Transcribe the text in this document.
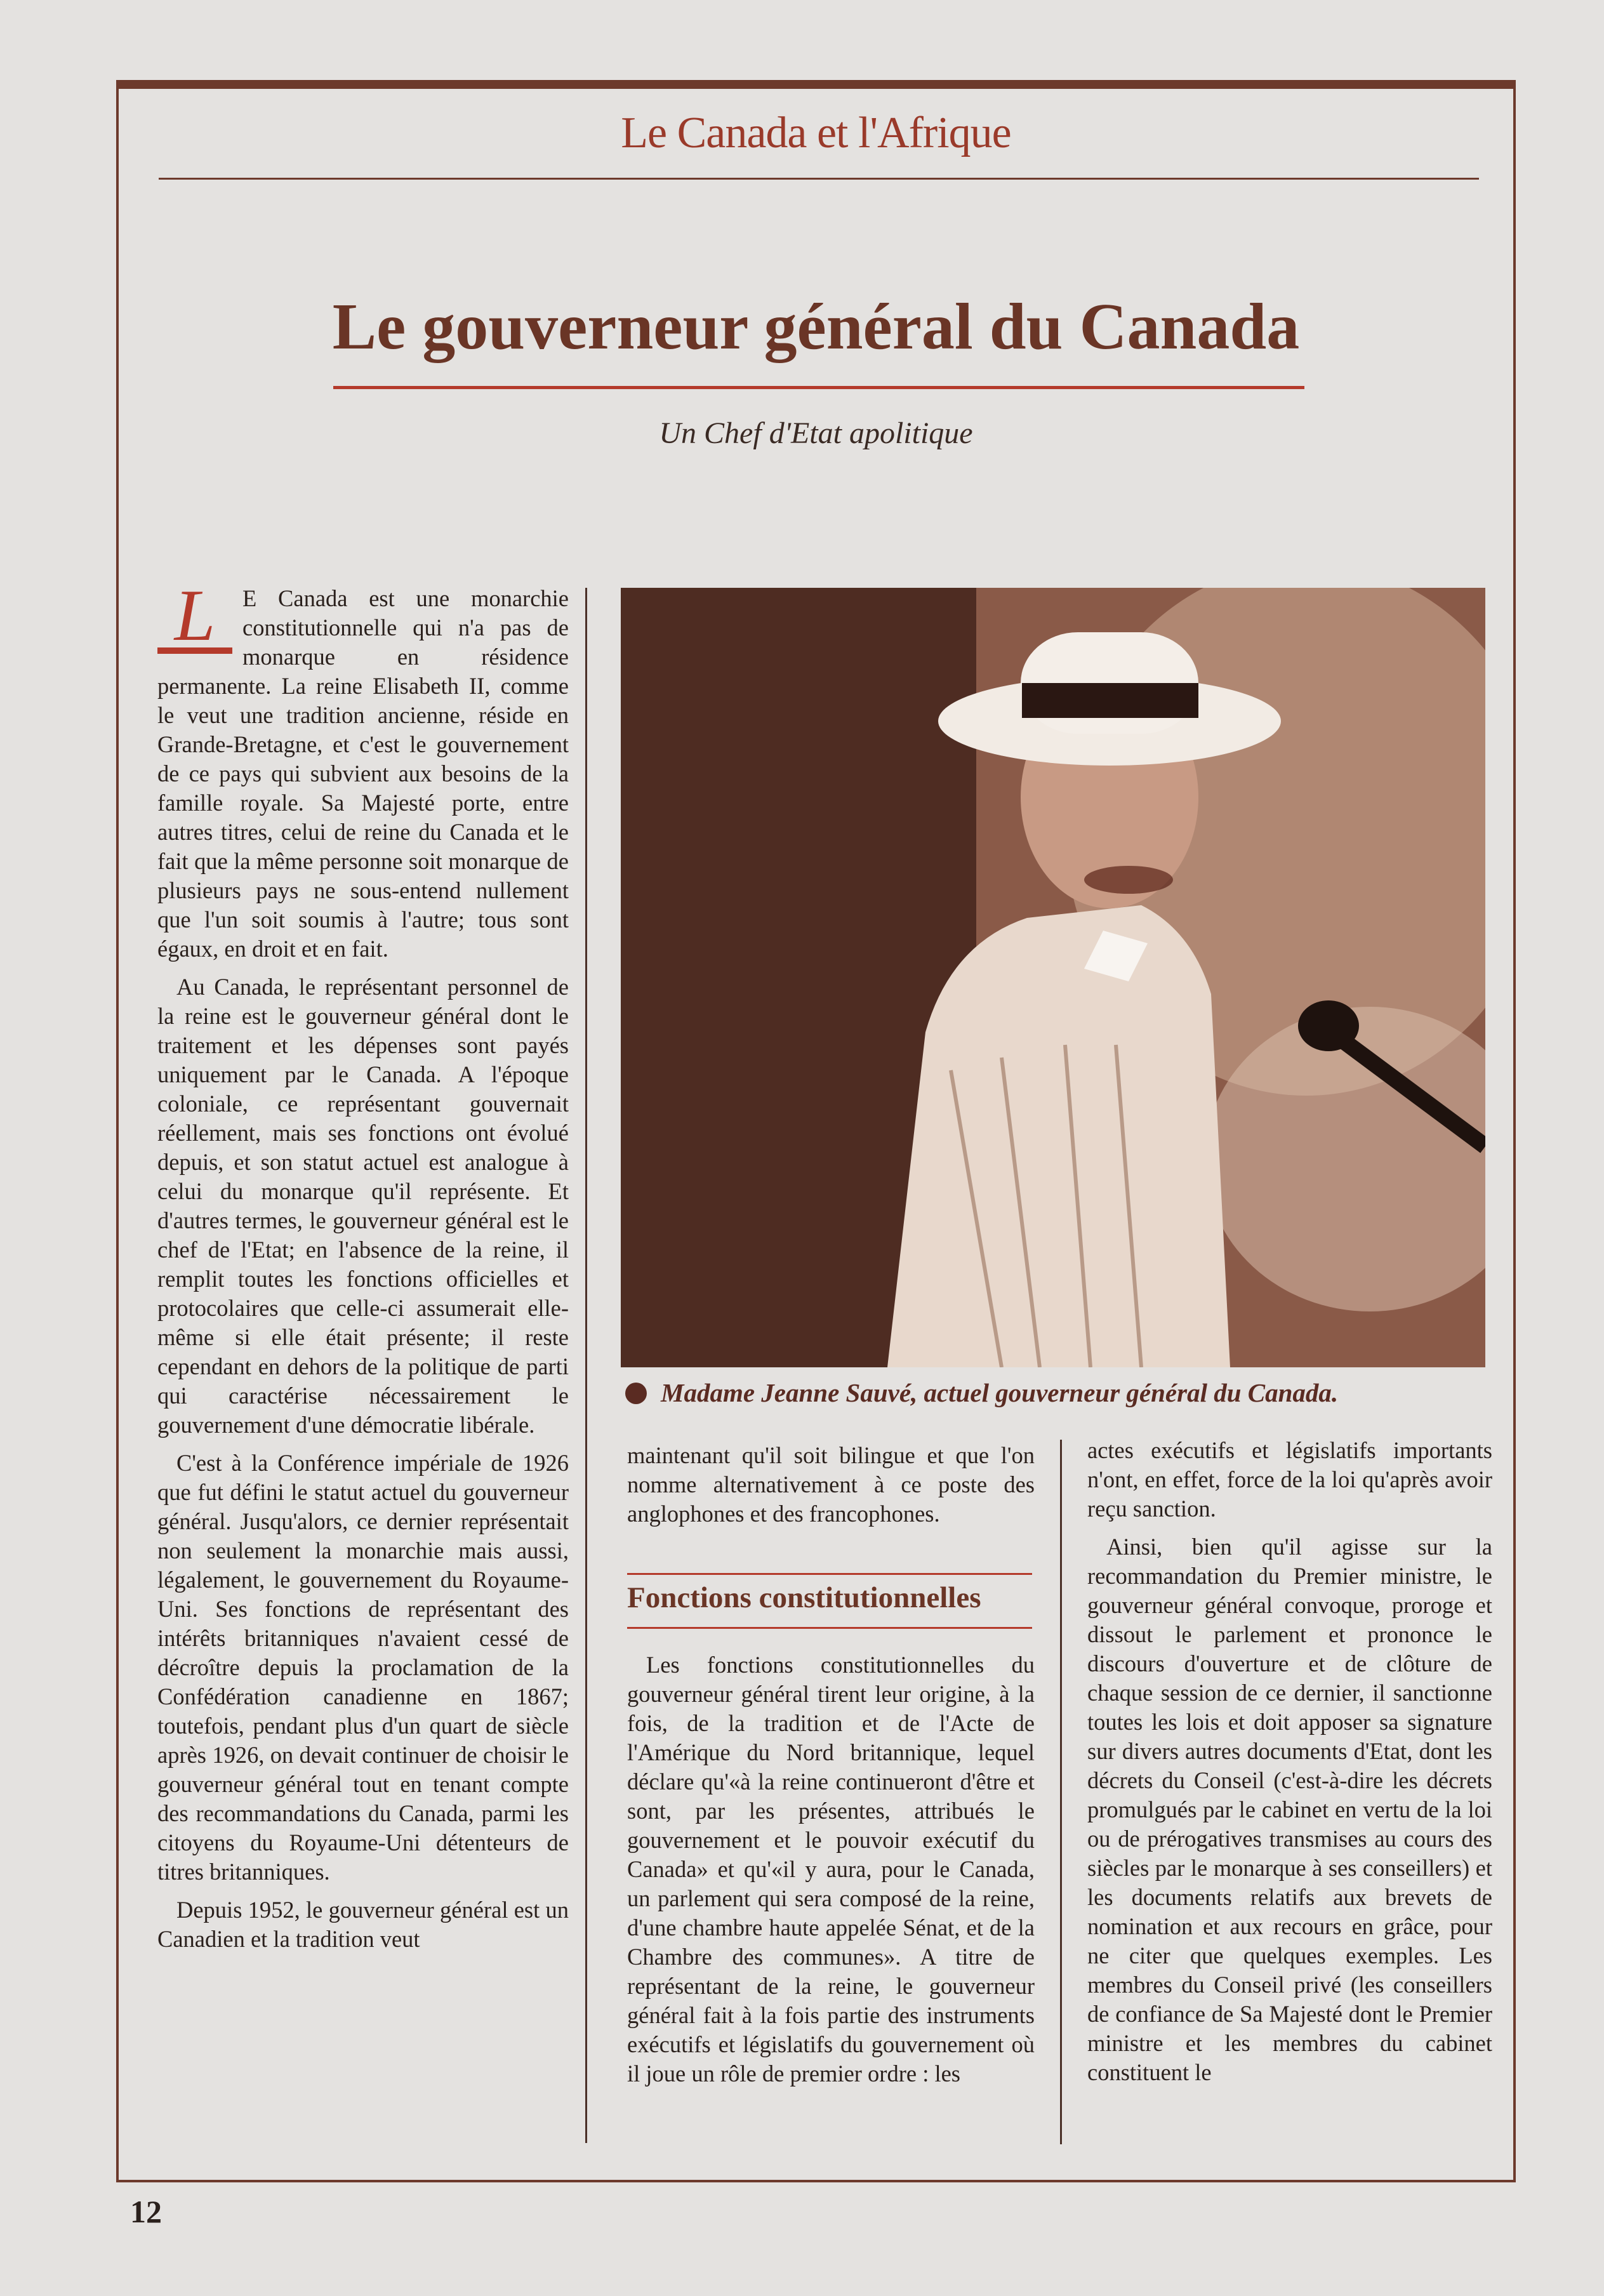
Le Canada et l'Afrique
Le gouverneur général du Canada
Un Chef d'Etat apolitique

L	E Canada est une monarchie constitutionnelle qui n'a pas de monarque en résidence permanente. La reine Elisabeth II, comme le veut une tradition ancienne, réside en Grande-Bretagne, et c'est le gouvernement de ce pays qui subvient aux besoins de la famille royale. Sa Majesté porte, entre autres titres, celui de reine du Canada et le fait que la même personne soit monarque de plusieurs pays ne sous-entend nullement que l'un soit soumis à l'autre; tous sont égaux, en droit et en fait.

Au Canada, le représentant personnel de la reine est le gouverneur général dont le traitement et les dépenses sont payés uniquement par le Canada. A l'époque coloniale, ce représentant gouvernait réellement, mais ses fonctions ont évolué depuis, et son statut actuel est analogue à celui du monarque qu'il représente. Et d'autres termes, le gouverneur général est le chef de l'Etat; en l'absence de la reine, il remplit toutes les fonctions officielles et protocolaires que celle-ci assumerait elle-même si elle était présente; il reste cependant en dehors de la politique de parti qui caractérise nécessairement le gouvernement d'une démocratie libérale.

C'est à la Conférence impériale de 1926 que fut défini le statut actuel du gouverneur général. Jusqu'alors, ce dernier représentait non seulement la monarchie mais aussi, légalement, le gouvernement du Royaume-Uni. Ses fonctions de représentant des intérêts britanniques n'avaient cessé de décroître depuis la proclamation de la Confédération canadienne en 1867; toutefois, pendant plus d'un quart de siècle après 1926, on devait continuer de choisir le gouverneur général tout en tenant compte des recommandations du Canada, parmi les citoyens du Royaume-Uni détenteurs de titres britanniques.

Depuis 1952, le gouverneur général est un Canadien et la tradition veut

Madame Jeanne Sauvé, actuel gouverneur général du Canada.

maintenant qu'il soit bilingue et que l'on nomme alternativement à ce poste des anglophones et des francophones.

Fonctions constitutionnelles

Les fonctions constitutionnelles du gouverneur général tirent leur origine, à la fois, de la tradition et de l'Acte de l'Amérique du Nord britannique, lequel déclare qu'«à la reine continueront d'être et sont, par les présentes, attribués le gouvernement et le pouvoir exécutif du Canada» et qu'«il y aura, pour le Canada, un parlement qui sera composé de la reine, d'une chambre haute appelée Sénat, et de la Chambre des communes». A titre de représentant de la reine, le gouverneur général fait à la fois partie des instruments exécutifs et législatifs du gouvernement où il joue un rôle de premier ordre : les

actes exécutifs et législatifs importants n'ont, en effet, force de la loi qu'après avoir reçu sanction.

Ainsi, bien qu'il agisse sur la recommandation du Premier ministre, le gouverneur général convoque, proroge et dissout le parlement et prononce le discours d'ouverture et de clôture de chaque session de ce dernier, il sanctionne toutes les lois et doit apposer sa signature sur divers autres documents d'Etat, dont les décrets du Conseil (c'est-à-dire les décrets promulgués par le cabinet en vertu de la loi ou de prérogatives transmises au cours des siècles par le monarque à ses conseillers) et les documents relatifs aux brevets de nomination et aux recours en grâce, pour ne citer que quelques exemples. Les membres du Conseil privé (les conseillers de confiance de Sa Majesté dont le Premier ministre et les membres du cabinet constituent le

12
